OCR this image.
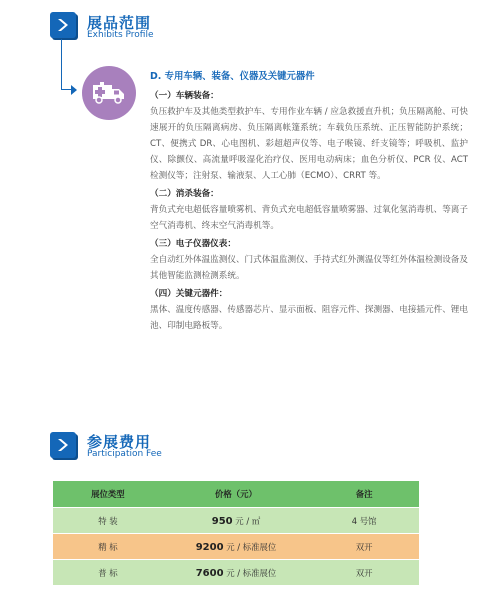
展品范围
Exhibits Profile
D. 专用车辆、装备、仪器及关键元器件
（一）车辆装备：
负压救护车及其他类型救护车、专用作业车辆 / 应急救援直升机；负压隔离舱、可快速展开的负压隔离病房、负压隔离帐篷系统；车载负压系统、正压智能防护系统；CT、便携式 DR、心电图机、彩超超声仪等、电子喉镜、纤支镜等；呼吸机、监护仪、除颤仪、高流量呼吸湿化治疗仪、医用电动病床；血色分析仪、PCR 仪、ACT 检测仪等；注射泵、输液泵、人工心肺（ECMO）、CRRT 等。
（二）消杀装备：
背负式充电超低容量喷雾机、背负式充电超低容量喷雾器、过氧化氢消毒机、等离子空气消毒机、终末空气消毒机等。
（三）电子仪器仪表：
全自动红外体温监测仪、门式体温监测仪、手持式红外测温仪等红外体温检测设备及其他智能监测检测系统。
（四）关键元器件：
黑体、温度传感器、传感器芯片、显示面板、阻容元件、探测器、电接插元件、锂电池、印制电路板等。
参展费用
Participation Fee
展位类型	价格（元）	备注
特 装	950 元 / ㎡	4 号馆
精 标	9200 元 / 标准展位	双开
普 标	7600 元 / 标准展位	双开
